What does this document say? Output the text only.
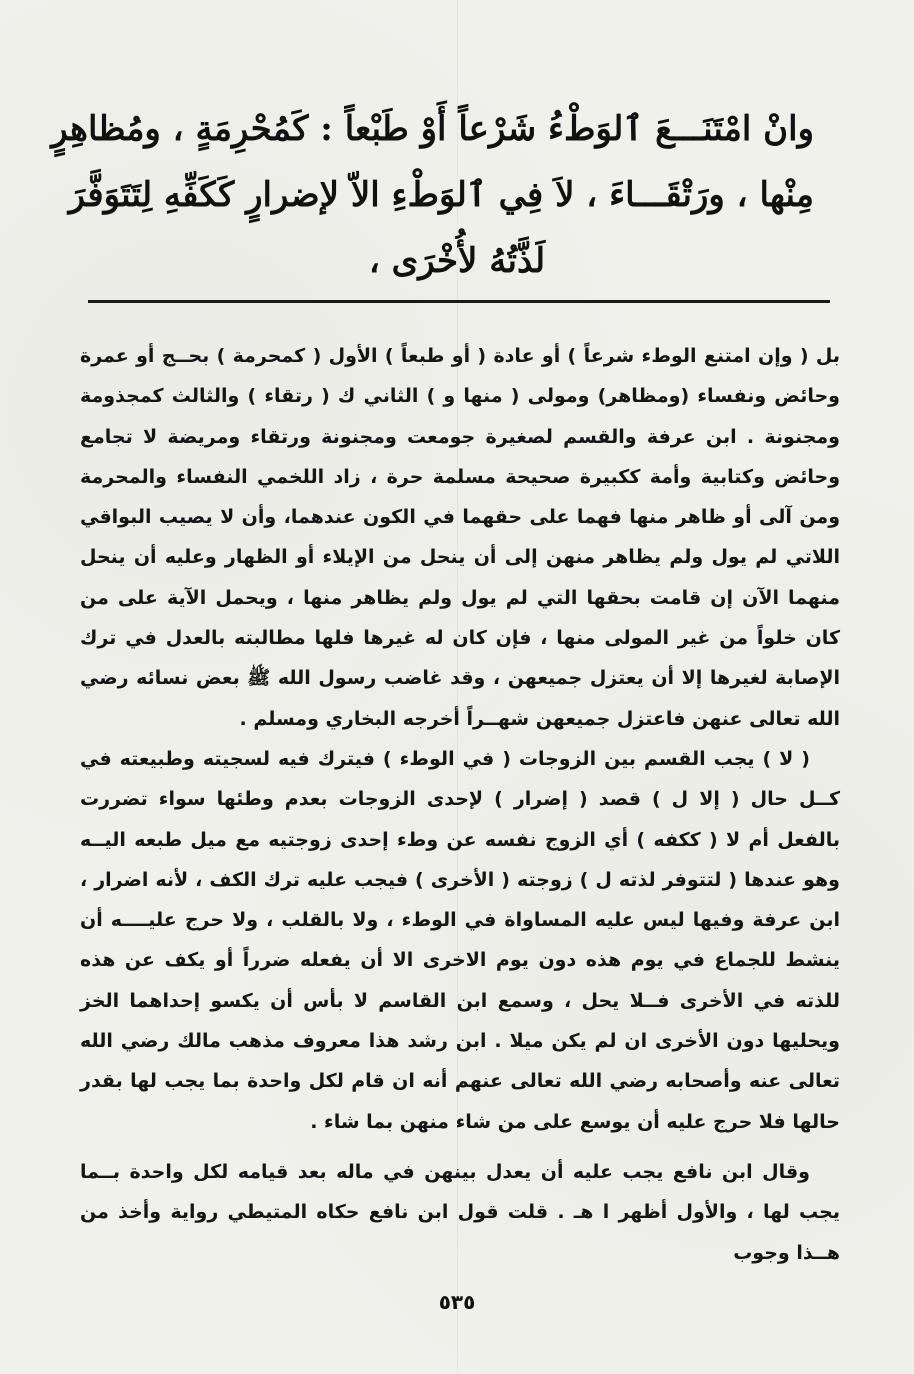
وانْ امْتَنَـــعَ ٱلوَطْءُ شَرْعاً أَوْ طَبْعاً : كَمُحْرِمَةٍ ، ومُظاهِرٍ
مِنْها ، ورَتْقَـــاءَ ، لاَ فِي ٱلوَطْءِ الاّ لإضرارٍ كَكَفِّهِ لِتَتَوَفَّرَ
لَذَّتُهُ لأُخْرَى ،

بل ( وإن امتنع الوطء شرعاً ) أو عادة ( أو طبعاً ) الأول ( كمحرمة ) بحــج أو عمرة وحائض ونفساء (ومظاهر) ومولى ( منها و ) الثاني ك ( رتقاء ) والثالث كمجذومة ومجنونة . ابن عرفة والقسم لصغيرة جومعت ومجنونة ورتقاء ومريضة لا تجامع وحائض وكتابية وأمة ككبيرة صحيحة مسلمة حرة ، زاد اللخمي النفساء والمحرمة ومن آلى أو ظاهر منها فهما على حقهما في الكون عندهما، وأن لا يصيب البواقي اللاتي لم يول ولم يظاهر منهن إلى أن ينحل من الإيلاء أو الظهار وعليه أن ينحل منهما الآن إن قامت بحقها التي لم يول ولم يظاهر منها ، ويحمل الآية على من كان خلواً من غير المولى منها ، فإن كان له غيرها فلها مطالبته بالعدل في ترك الإصابة لغيرها إلا أن يعتزل جميعهن ، وقد غاضب رسول الله ﷺ بعض نسائه رضي الله تعالى عنهن فاعتزل جميعهن شهــراً أخرجه البخاري ومسلم .

( لا ) يجب القسم بين الزوجات ( في الوطء ) فيترك فيه لسجيته وطبيعته في كــل حال ( إلا ل ) قصد ( إضرار ) لإحدى الزوجات بعدم وطئها سواء تضررت بالفعل أم لا ( ككفه ) أي الزوج نفسه عن وطء إحدى زوجتيه مع ميل طبعه اليــه وهو عندها ( لتتوفر لذته ل ) زوجته ( الأخرى ) فيجب عليه ترك الكف ، لأنه اضرار ، ابن عرفة وفيها ليس عليه المساواة في الوطء ، ولا بالقلب ، ولا حرج عليــــه أن ينشط للجماع في يوم هذه دون يوم الاخرى الا أن يفعله ضرراً أو يكف عن هذه للذته في الأخرى فــلا يحل ، وسمع ابن القاسم لا بأس أن يكسو إحداهما الخز ويحليها دون الأخرى ان لم يكن ميلا . ابن رشد هذا معروف مذهب مالك رضي الله تعالى عنه وأصحابه رضي الله تعالى عنهم أنه ان قام لكل واحدة بما يجب لها بقدر حالها فلا حرج عليه أن يوسع على من شاء منهن بما شاء .

وقال ابن نافع يجب عليه أن يعدل بينهن في ماله بعد قيامه لكل واحدة بــما يجب لها ، والأول أظهر ا هـ . قلت قول ابن نافع حكاه المتيطي رواية وأخذ من هــذا وجوب

٥٣٥
